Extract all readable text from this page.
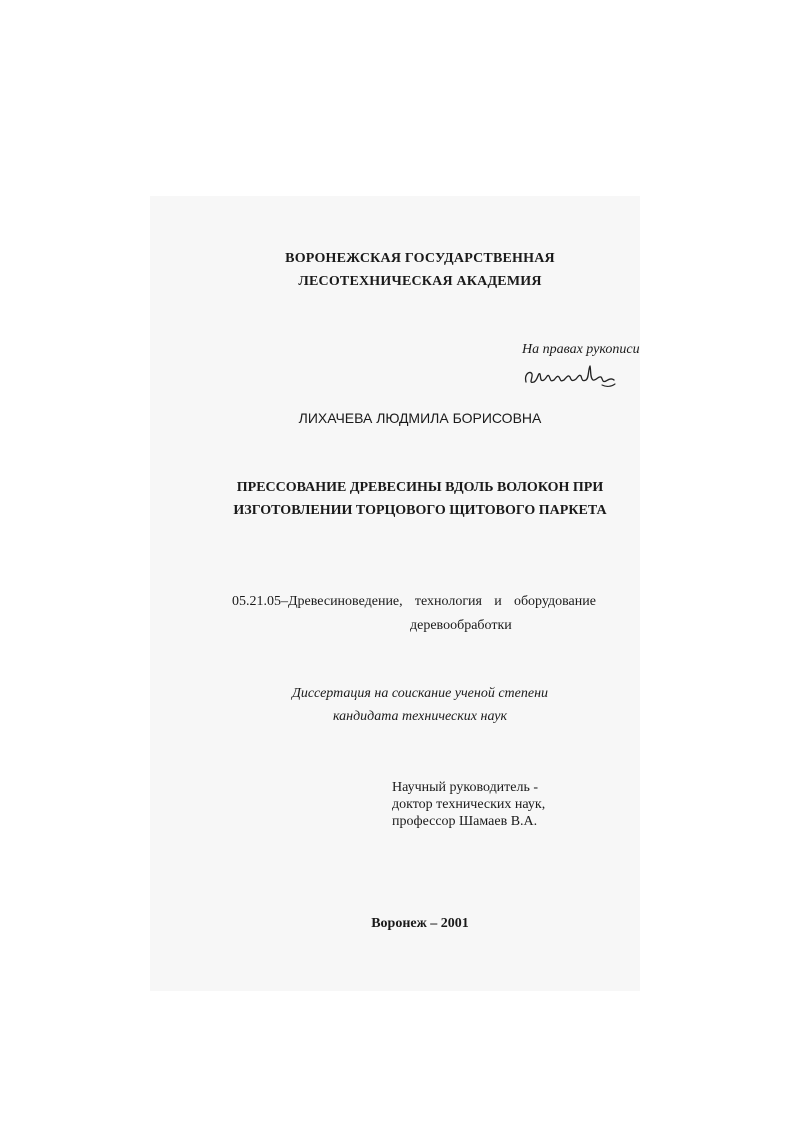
ВОРОНЕЖСКАЯ ГОСУДАРСТВЕННАЯ
ЛЕСОТЕХНИЧЕСКАЯ АКАДЕМИЯ
На правах рукописи
ЛИХАЧЕВА ЛЮДМИЛА БОРИСОВНА
ПРЕССОВАНИЕ ДРЕВЕСИНЫ ВДОЛЬ ВОЛОКОН ПРИ
ИЗГОТОВЛЕНИИ ТОРЦОВОГО ЩИТОВОГО ПАРКЕТА
05.21.05–Древесиноведение, технология и оборудование
деревообработки
Диссертация на соискание ученой степени
кандидата технических наук
Научный руководитель -
доктор технических наук,
профессор Шамаев В.А.
Воронеж – 2001
